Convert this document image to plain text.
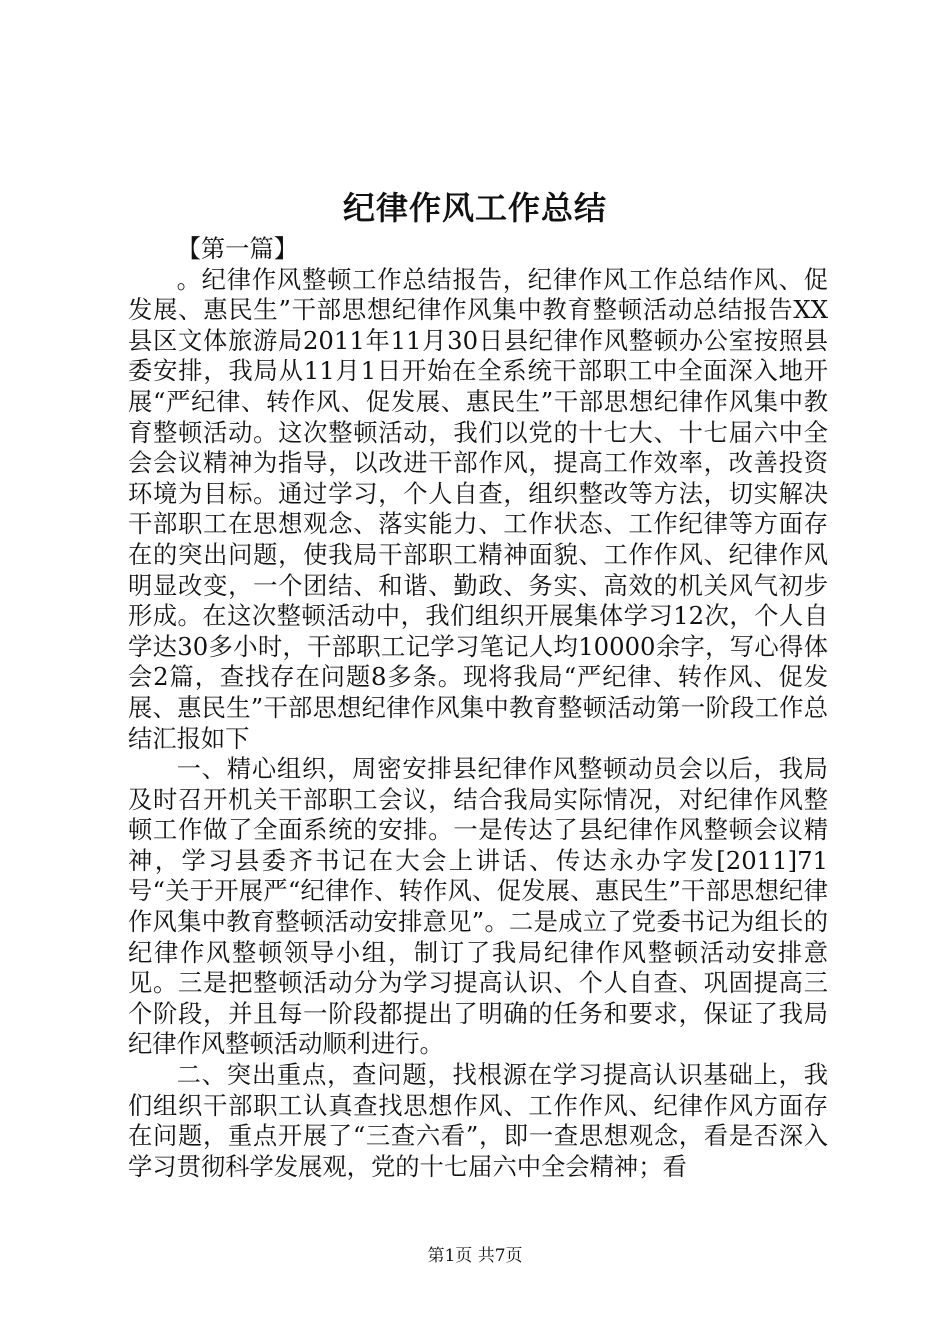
纪律作风工作总结

【第一篇】

。纪律作风整顿工作总结报告，纪律作风工作总结作风、促发展、惠民生”干部思想纪律作风集中教育整顿活动总结报告XX县区文体旅游局2011年11月30日县纪律作风整顿办公室按照县委安排，我局从11月1日开始在全系统干部职工中全面深入地开展“严纪律、转作风、促发展、惠民生”干部思想纪律作风集中教育整顿活动。这次整顿活动，我们以党的十七大、十七届六中全会会议精神为指导，以改进干部作风，提高工作效率，改善投资环境为目标。通过学习，个人自查，组织整改等方法，切实解决干部职工在思想观念、落实能力、工作状态、工作纪律等方面存在的突出问题，使我局干部职工精神面貌、工作作风、纪律作风明显改变，一个团结、和谐、勤政、务实、高效的机关风气初步形成。在这次整顿活动中，我们组织开展集体学习12次，个人自学达30多小时，干部职工记学习笔记人均10000余字，写心得体会2篇，查找存在问题8多条。现将我局“严纪律、转作风、促发展、惠民生”干部思想纪律作风集中教育整顿活动第一阶段工作总结汇报如下

一、精心组织，周密安排县纪律作风整顿动员会以后，我局及时召开机关干部职工会议，结合我局实际情况，对纪律作风整顿工作做了全面系统的安排。一是传达了县纪律作风整顿会议精神，学习县委齐书记在大会上讲话、传达永办字发[2011]71号“关于开展严“纪律作、转作风、促发展、惠民生”干部思想纪律作风集中教育整顿活动安排意见”。二是成立了党委书记为组长的纪律作风整顿领导小组，制订了我局纪律作风整顿活动安排意见。三是把整顿活动分为学习提高认识、个人自查、巩固提高三个阶段，并且每一阶段都提出了明确的任务和要求，保证了我局纪律作风整顿活动顺利进行。

二、突出重点，查问题，找根源在学习提高认识基础上，我们组织干部职工认真查找思想作风、工作作风、纪律作风方面存在问题，重点开展了“三查六看”，即一查思想观念，看是否深入学习贯彻科学发展观，党的十七届六中全会精神；看

第1页 共7页
